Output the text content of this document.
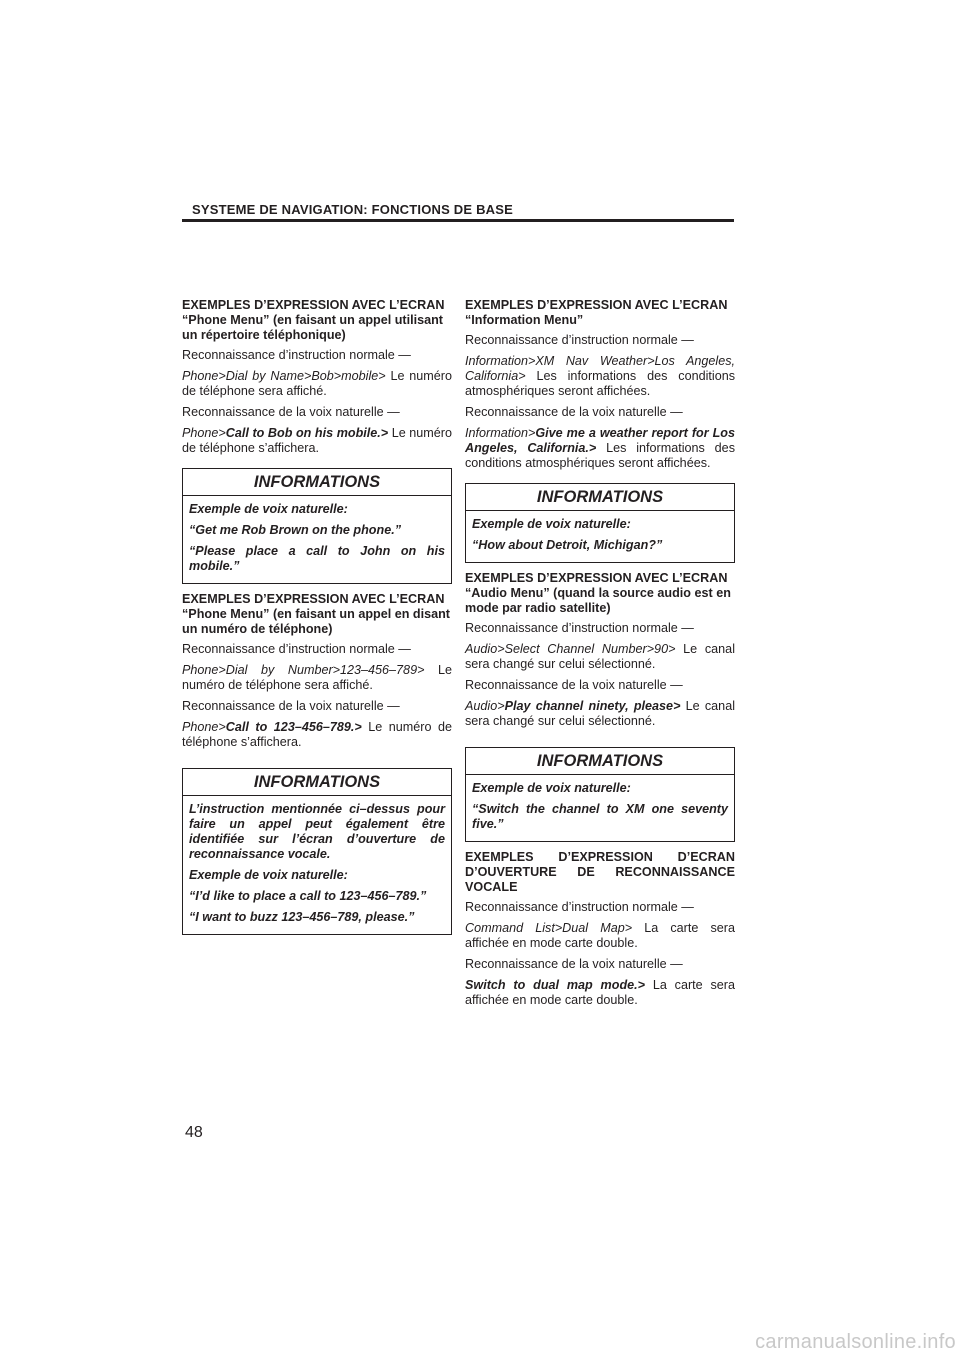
SYSTEME DE NAVIGATION: FONCTIONS DE BASE
EXEMPLES D’EXPRESSION AVEC L’ECRAN “Phone Menu” (en faisant un appel utilisant un répertoire téléphonique)
Reconnaissance d’instruction normale —
Phone>Dial by Name>Bob>mobile> Le numéro de téléphone sera affiché.
Reconnaissance de la voix naturelle —
Phone>Call to Bob on his mobile.> Le numéro de téléphone s’affichera.
INFORMATIONS
Exemple de voix naturelle:
“Get me Rob Brown on the phone.”
“Please place a call to John on his mobile.”
EXEMPLES D’EXPRESSION AVEC L’ECRAN “Phone Menu” (en faisant un appel en disant un numéro de téléphone)
Reconnaissance d’instruction normale —
Phone>Dial by Number>123–456–789> Le numéro de téléphone sera affiché.
Reconnaissance de la voix naturelle —
Phone>Call to 123–456–789.> Le numéro de téléphone s’affichera.
INFORMATIONS
L’instruction mentionnée ci–dessus pour faire un appel peut également être identifiée sur l’écran d’ouverture de reconnaissance vocale.
Exemple de voix naturelle:
“I’d like to place a call to 123–456–789.”
“I want to buzz 123–456–789, please.”
EXEMPLES D’EXPRESSION AVEC L’ECRAN “Information Menu”
Reconnaissance d’instruction normale —
Information>XM Nav Weather>Los Angeles, California> Les informations des conditions atmosphériques seront affichées.
Reconnaissance de la voix naturelle —
Information>Give me a weather report for Los Angeles, California.> Les informations des conditions atmosphériques seront affichées.
INFORMATIONS
Exemple de voix naturelle:
“How about Detroit, Michigan?”
EXEMPLES D’EXPRESSION AVEC L’ECRAN “Audio Menu” (quand la source audio est en mode par radio satellite)
Reconnaissance d’instruction normale —
Audio>Select Channel Number>90> Le canal sera changé sur celui sélectionné.
Reconnaissance de la voix naturelle —
Audio>Play channel ninety, please> Le canal sera changé sur celui sélectionné.
INFORMATIONS
Exemple de voix naturelle:
“Switch the channel to XM one seventy five.”
EXEMPLES D’EXPRESSION D’ECRAN D’OUVERTURE DE RECONNAISSANCE VOCALE
Reconnaissance d’instruction normale —
Command List>Dual Map> La carte sera affichée en mode carte double.
Reconnaissance de la voix naturelle —
Switch to dual map mode.> La carte sera affichée en mode carte double.
48
carmanualsonline.info
